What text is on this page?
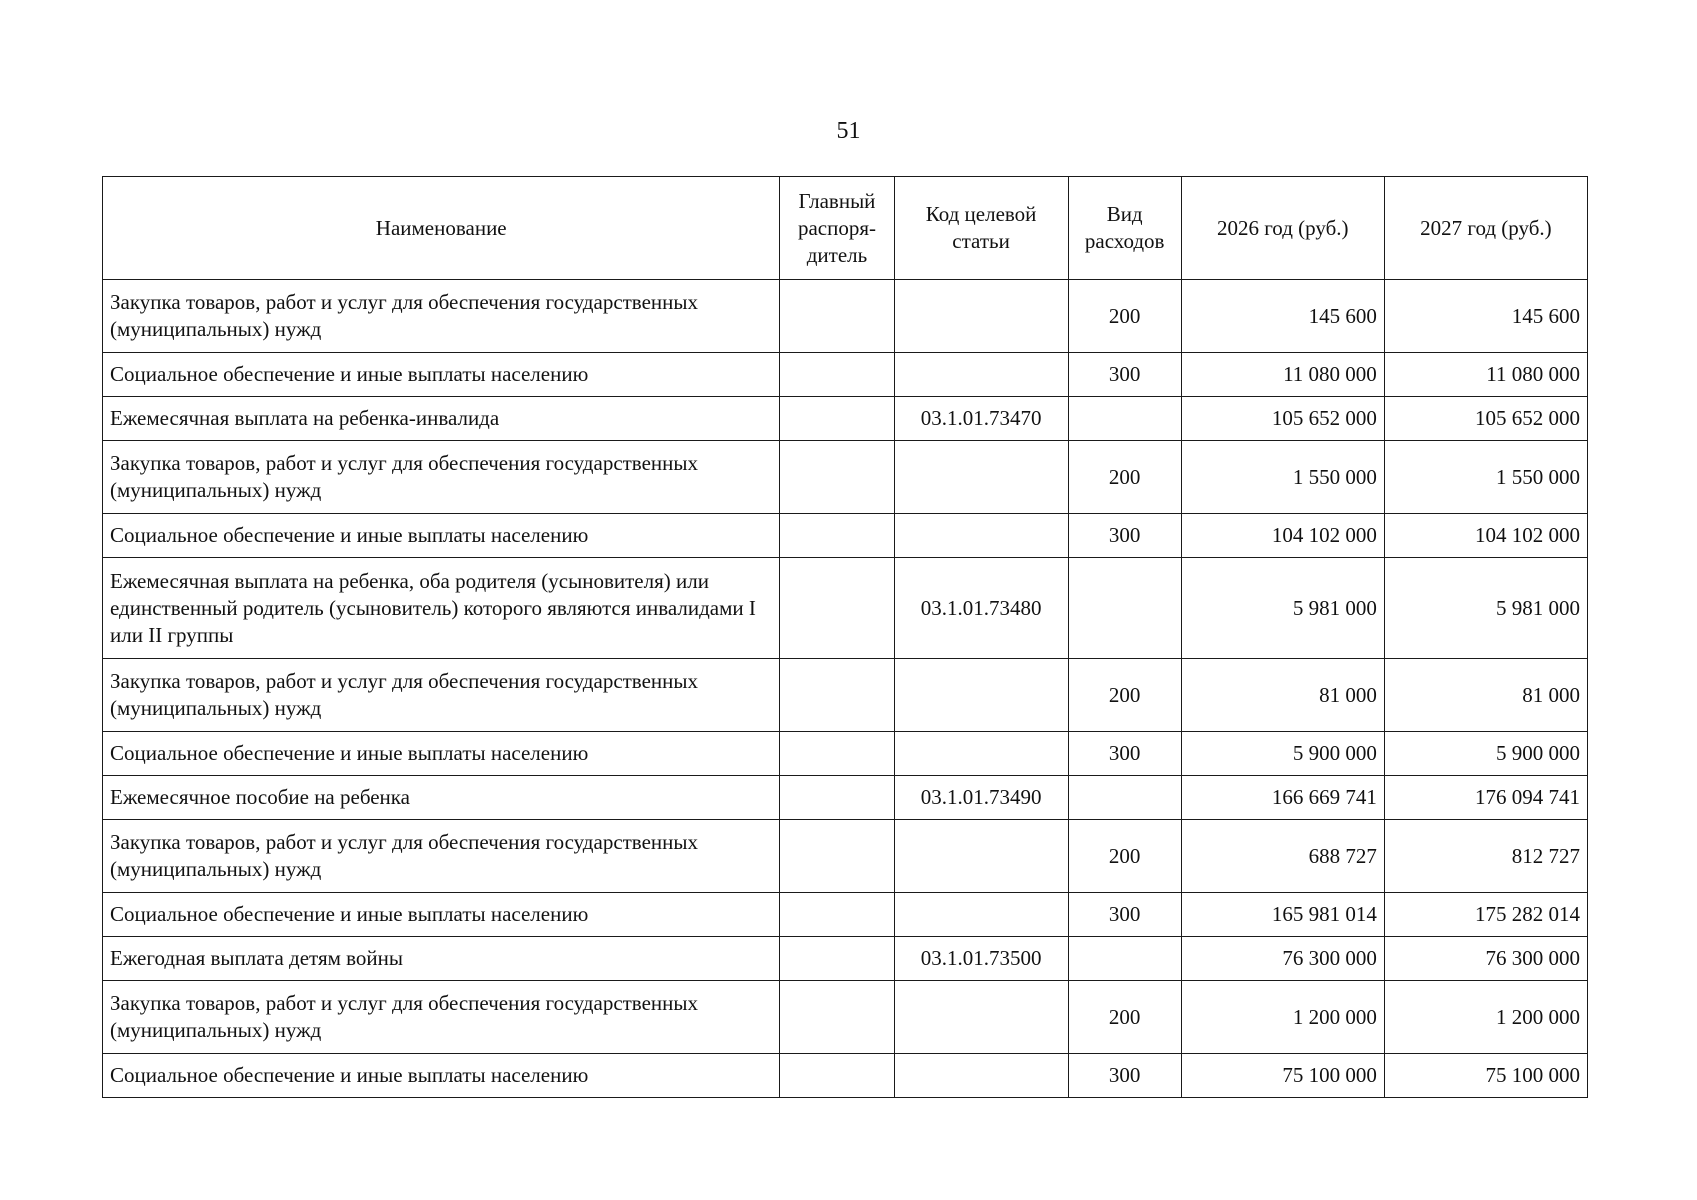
51
Наименование	Главный распоря-дитель	Код целевой статьи	Вид расходов	2026 год (руб.)	2027 год (руб.)
Закупка товаров, работ и услуг для обеспечения государственных (муниципальных) нужд			200	145 600	145 600
Социальное обеспечение и иные выплаты населению			300	11 080 000	11 080 000
Ежемесячная выплата на ребенка-инвалида		03.1.01.73470		105 652 000	105 652 000
Закупка товаров, работ и услуг для обеспечения государственных (муниципальных) нужд			200	1 550 000	1 550 000
Социальное обеспечение и иные выплаты населению			300	104 102 000	104 102 000
Ежемесячная выплата на ребенка, оба родителя (усыновителя) или единственный родитель (усыновитель) которого являются инвалидами I или II группы		03.1.01.73480		5 981 000	5 981 000
Закупка товаров, работ и услуг для обеспечения государственных (муниципальных) нужд			200	81 000	81 000
Социальное обеспечение и иные выплаты населению			300	5 900 000	5 900 000
Ежемесячное пособие на ребенка		03.1.01.73490		166 669 741	176 094 741
Закупка товаров, работ и услуг для обеспечения государственных (муниципальных) нужд			200	688 727	812 727
Социальное обеспечение и иные выплаты населению			300	165 981 014	175 282 014
Ежегодная выплата детям войны		03.1.01.73500		76 300 000	76 300 000
Закупка товаров, работ и услуг для обеспечения государственных (муниципальных) нужд			200	1 200 000	1 200 000
Социальное обеспечение и иные выплаты населению			300	75 100 000	75 100 000
